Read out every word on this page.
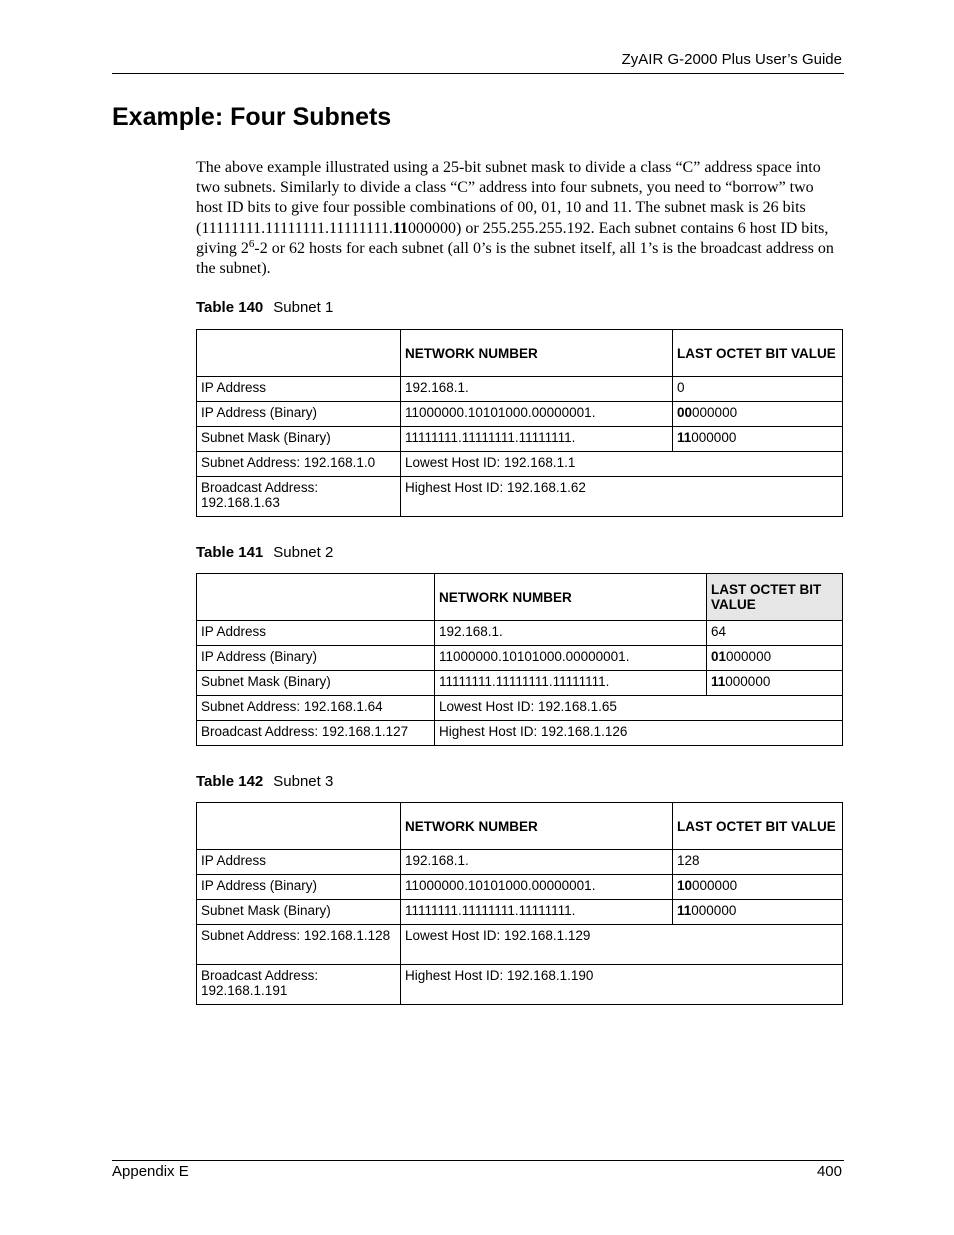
ZyAIR G-2000 Plus User’s Guide
Example: Four Subnets

The above example illustrated using a 25-bit subnet mask to divide a class “C” address space into two subnets. Similarly to divide a class “C” address into four subnets, you need to “borrow” two host ID bits to give four possible combinations of 00, 01, 10 and 11. The subnet mask is 26 bits (11111111.11111111.11111111.11000000) or 255.255.255.192. Each subnet contains 6 host ID bits, giving $2^6-2$ or 62 hosts for each subnet (all 0’s is the subnet itself, all 1’s is the broadcast address on the subnet).

Table 140 Subnet 1
	NETWORK NUMBER	LAST OCTET BIT VALUE
IP Address	192.168.1.	0
IP Address (Binary)	11000000.10101000.00000001.	00000000
Subnet Mask (Binary)	11111111.11111111.11111111.	11000000
Subnet Address: 192.168.1.0	Lowest Host ID: 192.168.1.1	
Broadcast Address: 192.168.1.63	Highest Host ID: 192.168.1.62	
Table 141 Subnet 2
	NETWORK NUMBER	LAST OCTET BIT VALUE
IP Address	192.168.1.	64
IP Address (Binary)	11000000.10101000.00000001.	01000000
Subnet Mask (Binary)	11111111.11111111.11111111.	11000000
Subnet Address: 192.168.1.64	Lowest Host ID: 192.168.1.65	
Broadcast Address: 192.168.1.127	Highest Host ID: 192.168.1.126	
Table 142 Subnet 3
	NETWORK NUMBER	LAST OCTET BIT VALUE
IP Address	192.168.1.	128
IP Address (Binary)	11000000.10101000.00000001.	10000000
Subnet Mask (Binary)	11111111.11111111.11111111.	11000000
Subnet Address: 192.168.1.128	Lowest Host ID: 192.168.1.129	
Broadcast Address: 192.168.1.191	Highest Host ID: 192.168.1.190	
Appendix E	400
